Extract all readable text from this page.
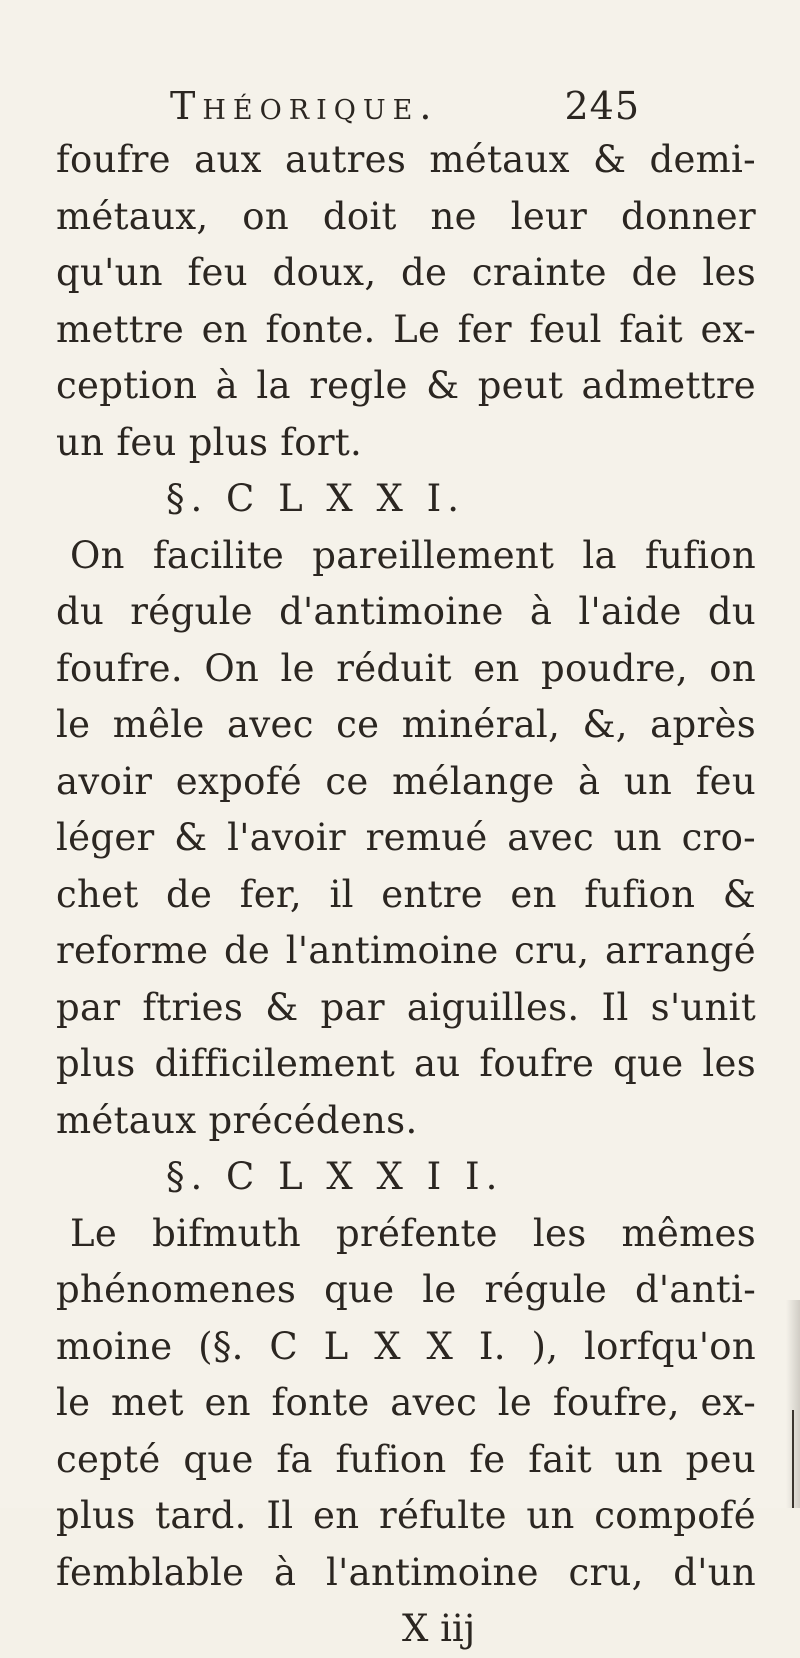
Théorique.	245
foufre aux autres métaux & demi-
métaux, on doit ne leur donner
qu'un feu doux, de crainte de les
mettre en fonte. Le fer feul fait ex-
ception à la regle & peut admettre
un feu plus fort.
§. C L X X I.
On facilite pareillement la fufion
du régule d'antimoine à l'aide du
foufre. On le réduit en poudre, on
le mêle avec ce minéral, &, après
avoir expofé ce mélange à un feu
léger & l'avoir remué avec un cro-
chet de fer, il entre en fufion &
reforme de l'antimoine cru, arrangé
par ftries & par aiguilles. Il s'unit
plus difficilement au foufre que les
métaux précédens.
§. C L X X I I.
Le bifmuth préfente les mêmes
phénomenes que le régule d'anti-
moine (§. C L X X I. ), lorfqu'on
le met en fonte avec le foufre, ex-
cepté que fa fufion fe fait un peu
plus tard. Il en réfulte un compofé
femblable à l'antimoine cru, d'un
X iij
